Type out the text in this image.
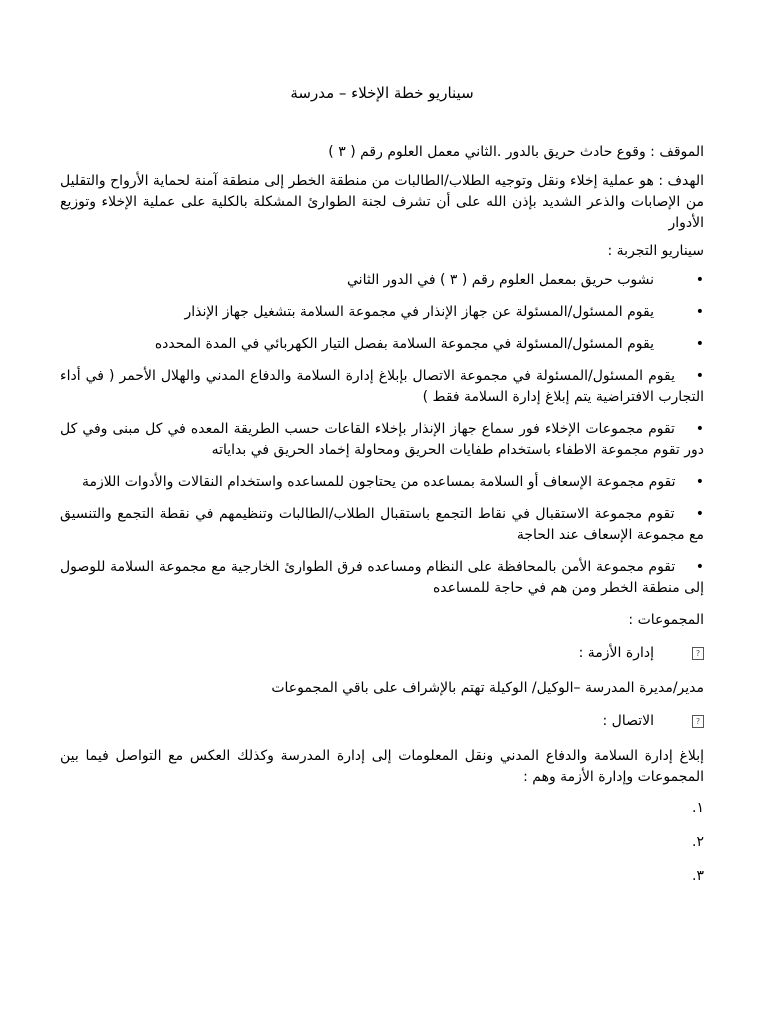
سيناريو خطة الإخلاء – مدرسة

الموقف : وقوع حادث حريق بالدور .الثاني معمل العلوم رقم ( ٣ )

الهدف : هو عملية إخلاء ونقل وتوجيه الطلاب/الطالبات من منطقة الخطر إلى منطقة آمنة لحماية الأرواح والتقليل من الإصابات والذعر الشديد بإذن الله على أن تشرف لجنة الطوارئ المشكلة بالكلية على عملية الإخلاء وتوزيع الأدوار

سيناريو التجربة :

•
نشوب حريق بمعمل العلوم رقم ( ٣ ) في الدور الثاني
•
يقوم المسئول/المسئولة عن جهاز الإنذار في مجموعة السلامة بتشغيل جهاز الإنذار
•
يقوم المسئول/المسئولة في مجموعة السلامة بفصل التيار الكهربائي في المدة المحدده
• يقوم المسئول/المسئولة في مجموعة الاتصال بإبلاغ إدارة السلامة والدفاع المدني والهلال الأحمر ( في أداء التجارب الافتراضية يتم إبلاغ إدارة السلامة فقط )
• تقوم مجموعات الإخلاء فور سماع جهاز الإنذار بإخلاء القاعات حسب الطريقة المعده في كل مبنى وفي كل دور تقوم مجموعة الاطفاء باستخدام طفايات الحريق ومحاولة إخماد الحريق في بداياته
• تقوم مجموعة الإسعاف أو السلامة بمساعده من يحتاجون للمساعده واستخدام النقالات والأدوات اللازمة
• تقوم مجموعة الاستقبال في نقاط التجمع باستقبال الطلاب/الطالبات وتنظيمهم في نقطة التجمع والتنسيق مع مجموعة الإسعاف عند الحاجة
• تقوم مجموعة الأمن بالمحافظة على النظام ومساعده فرق الطوارئ الخارجية مع مجموعة السلامة للوصول إلى منطقة الخطر ومن هم في حاجة للمساعده

المجموعات :

?
إدارة الأزمة :

مدير/مديرة المدرسة –الوكيل/ الوكيلة تهتم بالإشراف على باقي المجموعات

?
الاتصال :

إبلاغ إدارة السلامة والدفاع المدني ونقل المعلومات إلى إدارة المدرسة وكذلك العكس مع التواصل فيما بين المجموعات وإدارة الأزمة وهم :

١.
٢.
٣.
